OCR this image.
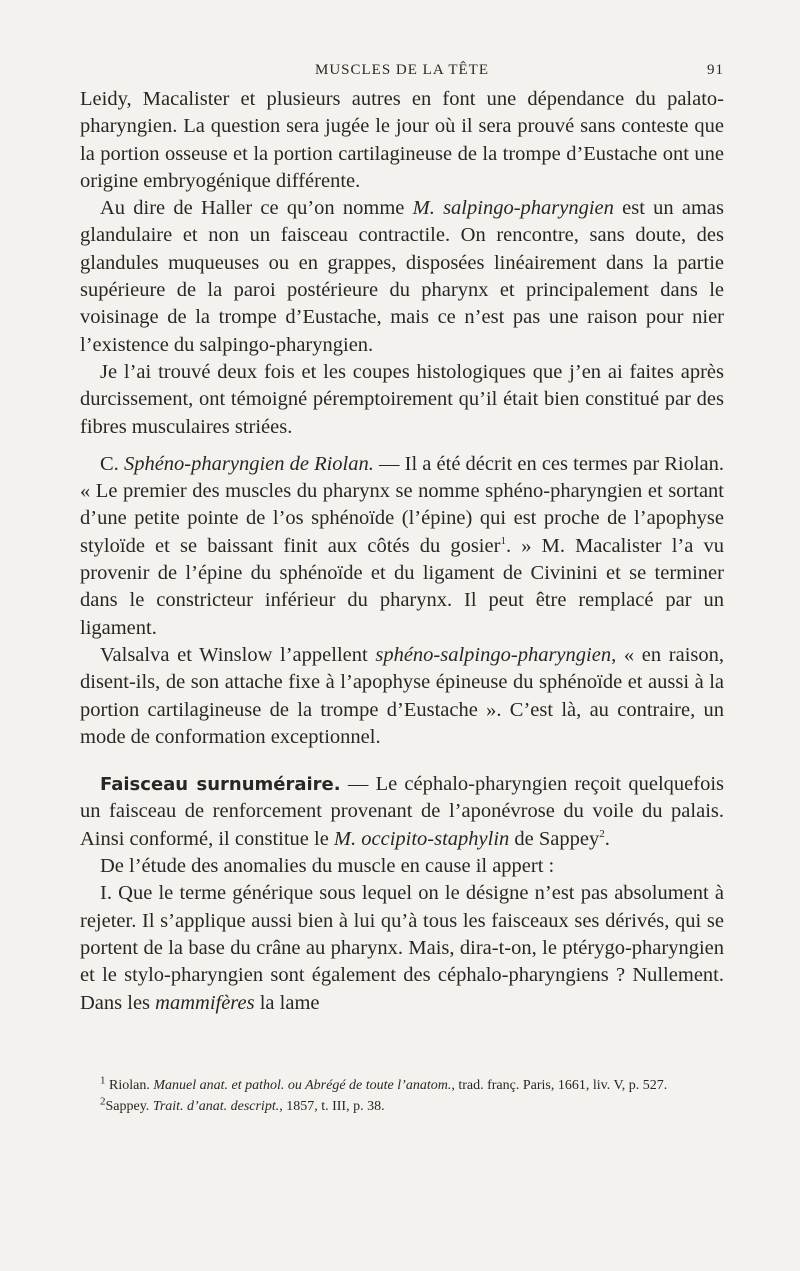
MUSCLES DE LA TÊTE	91

Leidy, Macalister et plusieurs autres en font une dépendance du palato-pharyngien. La question sera jugée le jour où il sera prouvé sans conteste que la portion osseuse et la portion cartilagineuse de la trompe d’Eustache ont une origine embryogénique différente.

Au dire de Haller ce qu’on nomme M. salpingo-pharyngien est un amas glandulaire et non un faisceau contractile. On rencontre, sans doute, des glandules muqueuses ou en grappes, disposées linéairement dans la partie supérieure de la paroi postérieure du pharynx et principalement dans le voisinage de la trompe d’Eustache, mais ce n’est pas une raison pour nier l’existence du salpingo-pharyngien.

Je l’ai trouvé deux fois et les coupes histologiques que j’en ai faites après durcissement, ont témoigné péremptoirement qu’il était bien constitué par des fibres musculaires striées.

C. Sphéno-pharyngien de Riolan. — Il a été décrit en ces termes par Riolan. « Le premier des muscles du pharynx se nomme sphéno-pharyngien et sortant d’une petite pointe de l’os sphénoïde (l’épine) qui est proche de l’apophyse styloïde et se baissant finit aux côtés du gosier$^1$. » M. Macalister l’a vu provenir de l’épine du sphénoïde et du ligament de Civinini et se terminer dans le constricteur inférieur du pharynx. Il peut être remplacé par un ligament.

Valsalva et Winslow l’appellent sphéno-salpingo-pharyngien, « en raison, disent-ils, de son attache fixe à l’apophyse épineuse du sphénoïde et aussi à la portion cartilagineuse de la trompe d’Eustache ». C’est là, au contraire, un mode de conformation exceptionnel.

Faisceau surnuméraire. — Le céphalo-pharyngien reçoit quelquefois un faisceau de renforcement provenant de l’aponévrose du voile du palais. Ainsi conformé, il constitue le M. occipito-staphylin de Sappey$^2$.

De l’étude des anomalies du muscle en cause il appert :

I. Que le terme générique sous lequel on le désigne n’est pas absolument à rejeter. Il s’applique aussi bien à lui qu’à tous les faisceaux ses dérivés, qui se portent de la base du crâne au pharynx. Mais, dira-t-on, le ptérygo-pharyngien et le stylo-pharyngien sont également des céphalo-pharyngiens ? Nullement. Dans les mammifères la lame

$^1$ Riolan. Manuel anat. et pathol. ou Abrégé de toute l’anatom., trad. franç. Paris, 1661, liv. V, p. 527.

$^2$Sappey. Trait. d’anat. descript., 1857, t. III, p. 38.
